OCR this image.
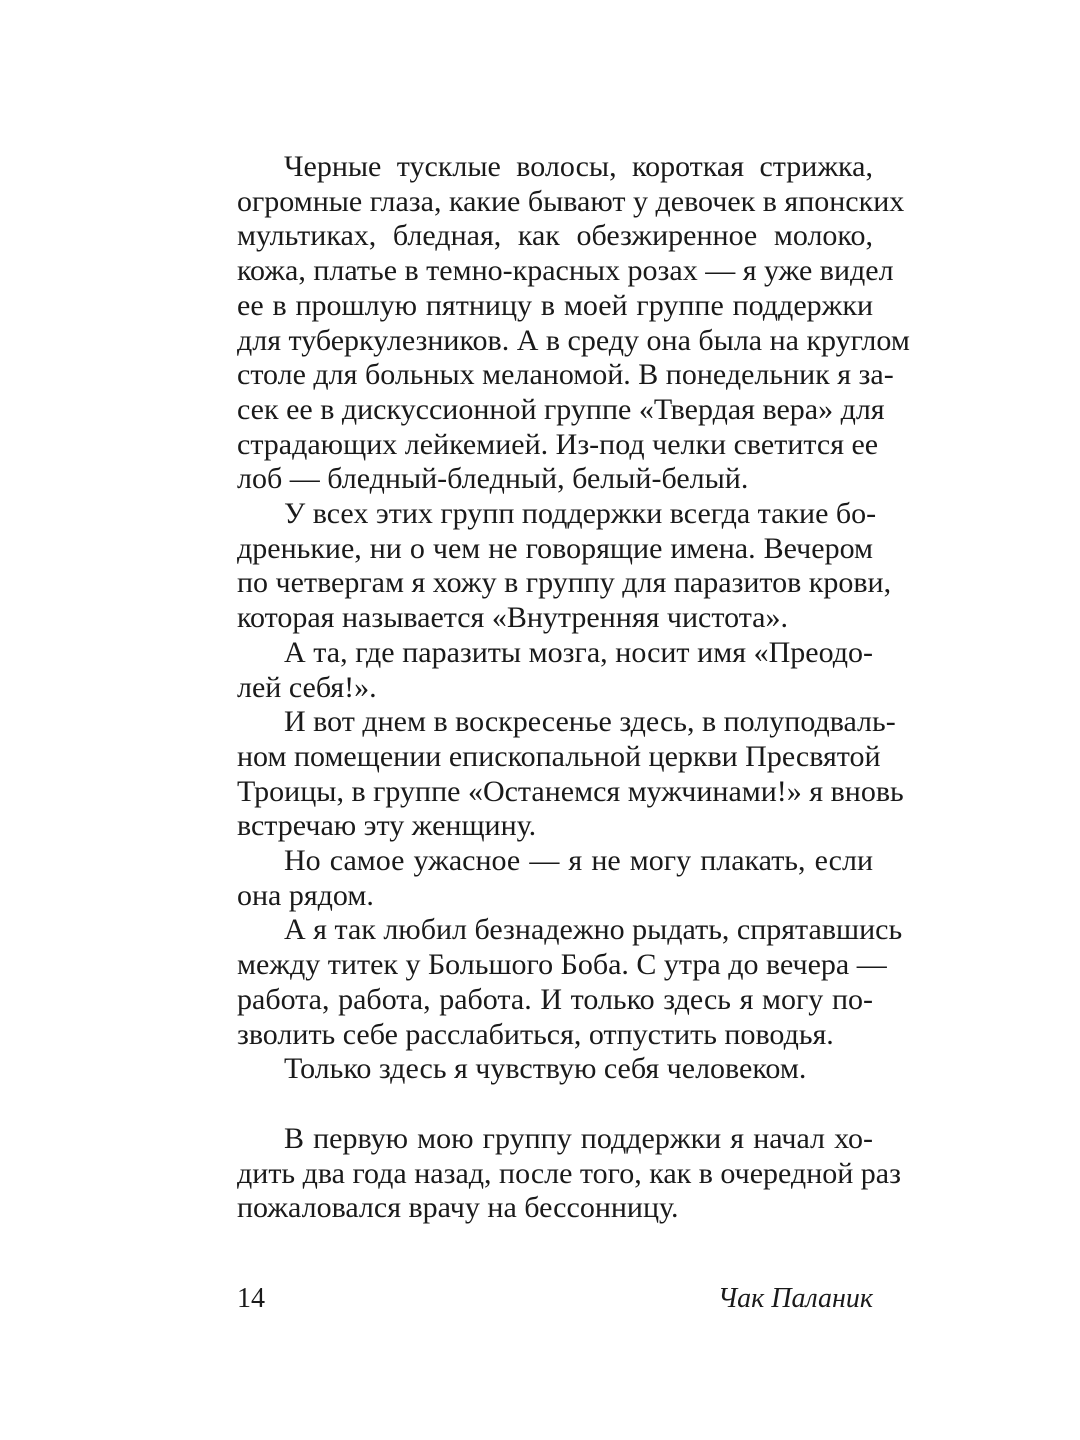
Черные тусклые волосы, короткая стрижка,
огромные глаза, какие бывают у девочек в японских
мультиках, бледная, как обезжиренное молоко,
кожа, платье в темно-красных розах — я уже видел
ее в прошлую пятницу в моей группе поддержки
для туберкулезников. А в среду она была на круглом
столе для больных меланомой. В понедельник я за-
сек ее в дискуссионной группе «Твердая вера» для
страдающих лейкемией. Из-под челки светится ее
лоб — бледный-бледный, белый-белый.
У всех этих групп поддержки всегда такие бо-
дренькие, ни о чем не говорящие имена. Вечером
по четвергам я хожу в группу для паразитов крови,
которая называется «Внутренняя чистота».
А та, где паразиты мозга, носит имя «Преодо-
лей себя!».
И вот днем в воскресенье здесь, в полуподваль-
ном помещении епископальной церкви Пресвятой
Троицы, в группе «Останемся мужчинами!» я вновь
встречаю эту женщину.
Но самое ужасное — я не могу плакать, если
она рядом.
А я так любил безнадежно рыдать, спрятавшись
между титек у Большого Боба. С утра до вечера —
работа, работа, работа. И только здесь я могу по-
зволить себе расслабиться, отпустить поводья.
Только здесь я чувствую себя человеком.
В первую мою группу поддержки я начал хо-
дить два года назад, после того, как в очередной раз
пожаловался врачу на бессонницу.
14	Чак Паланик
